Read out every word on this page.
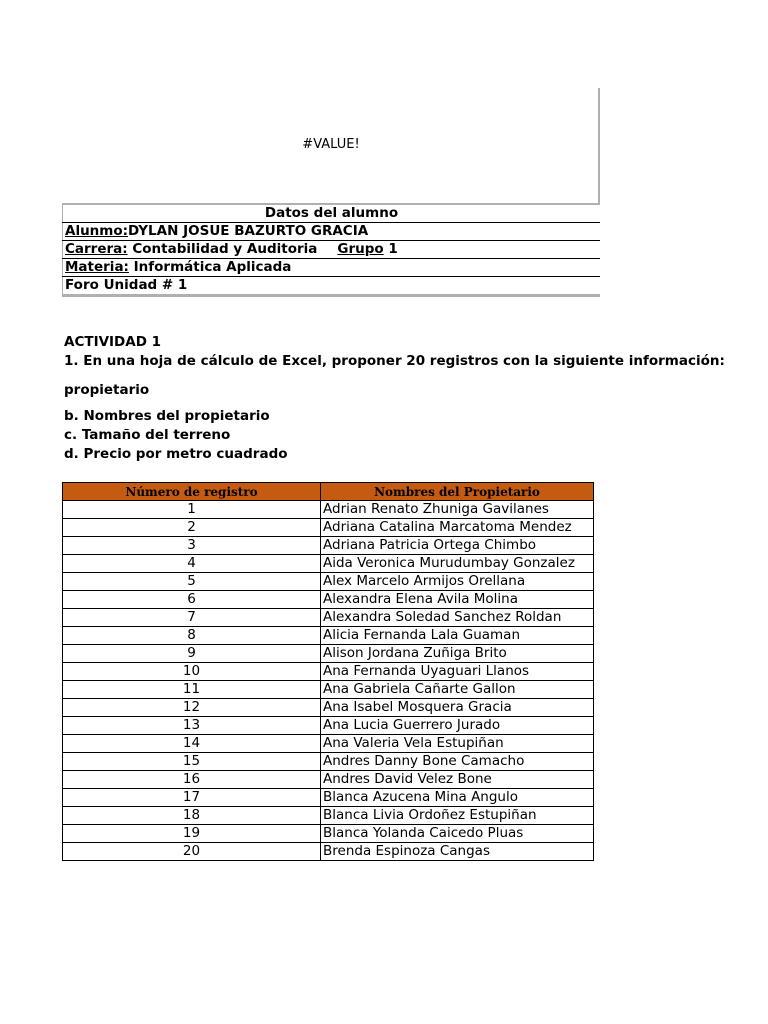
#VALUE!
Datos del alumno
Alunmo:DYLAN JOSUE BAZURTO GRACIA
Carrera: Contabilidad y Auditoria Grupo 1
Materia: Informática Aplicada
Foro Unidad # 1
ACTIVIDAD 1
1. En una hoja de cálculo de Excel, proponer 20 registros con la siguiente información:
propietario
b. Nombres del propietario
c. Tamaño del terreno
d. Precio por metro cuadrado
Número de registro	Nombres del Propietario
1	Adrian Renato Zhuniga Gavilanes
2	Adriana Catalina Marcatoma Mendez
3	Adriana Patricia Ortega Chimbo
4	Aida Veronica Murudumbay Gonzalez
5	Alex Marcelo Armijos Orellana
6	Alexandra Elena Avila Molina
7	Alexandra Soledad Sanchez Roldan
8	Alicia Fernanda Lala Guaman
9	Alison Jordana Zuñiga Brito
10	Ana Fernanda Uyaguari Llanos
11	Ana Gabriela Cañarte Gallon
12	Ana Isabel Mosquera Gracia
13	Ana Lucia Guerrero Jurado
14	Ana Valeria Vela Estupiñan
15	Andres Danny Bone Camacho
16	Andres David Velez Bone
17	Blanca Azucena Mina Angulo
18	Blanca Livia Ordoñez Estupiñan
19	Blanca Yolanda Caicedo Pluas
20	Brenda Espinoza Cangas
